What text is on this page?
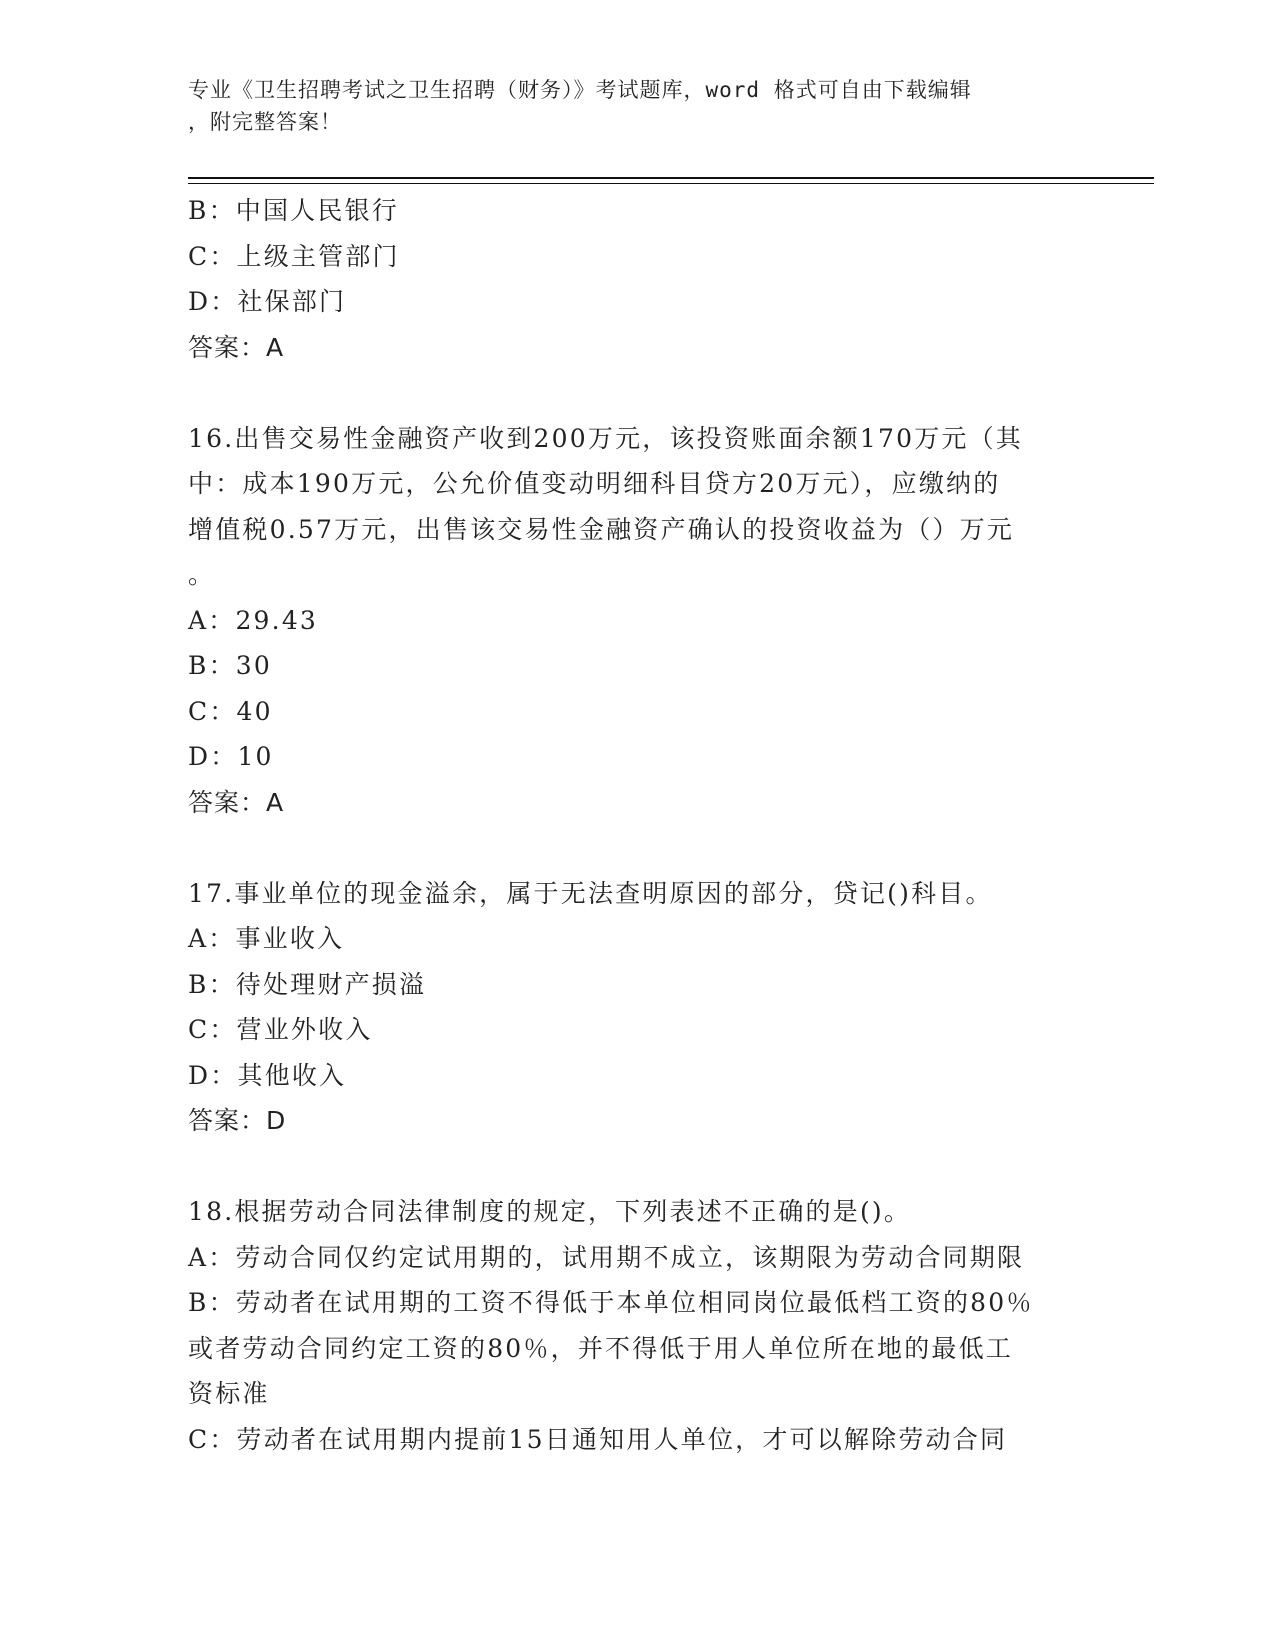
专业《卫生招聘考试之卫生招聘（财务）》考试题库，word 格式可自由下载编辑
，附完整答案！
B：中国人民银行
C：上级主管部门
D：社保部门
答案：A
16.出售交易性金融资产收到200万元，该投资账面余额170万元（其
中：成本190万元，公允价值变动明细科目贷方20万元），应缴纳的
增值税0.57万元，出售该交易性金融资产确认的投资收益为（）万元
。
A：29.43
B：30
C：40
D：10
答案：A
17.事业单位的现金溢余，属于无法查明原因的部分，贷记()科目。
A：事业收入
B：待处理财产损溢
C：营业外收入
D：其他收入
答案：D
18.根据劳动合同法律制度的规定，下列表述不正确的是()。
A：劳动合同仅约定试用期的，试用期不成立，该期限为劳动合同期限
B：劳动者在试用期的工资不得低于本单位相同岗位最低档工资的80％
或者劳动合同约定工资的80％，并不得低于用人单位所在地的最低工
资标准
C：劳动者在试用期内提前15日通知用人单位，才可以解除劳动合同
